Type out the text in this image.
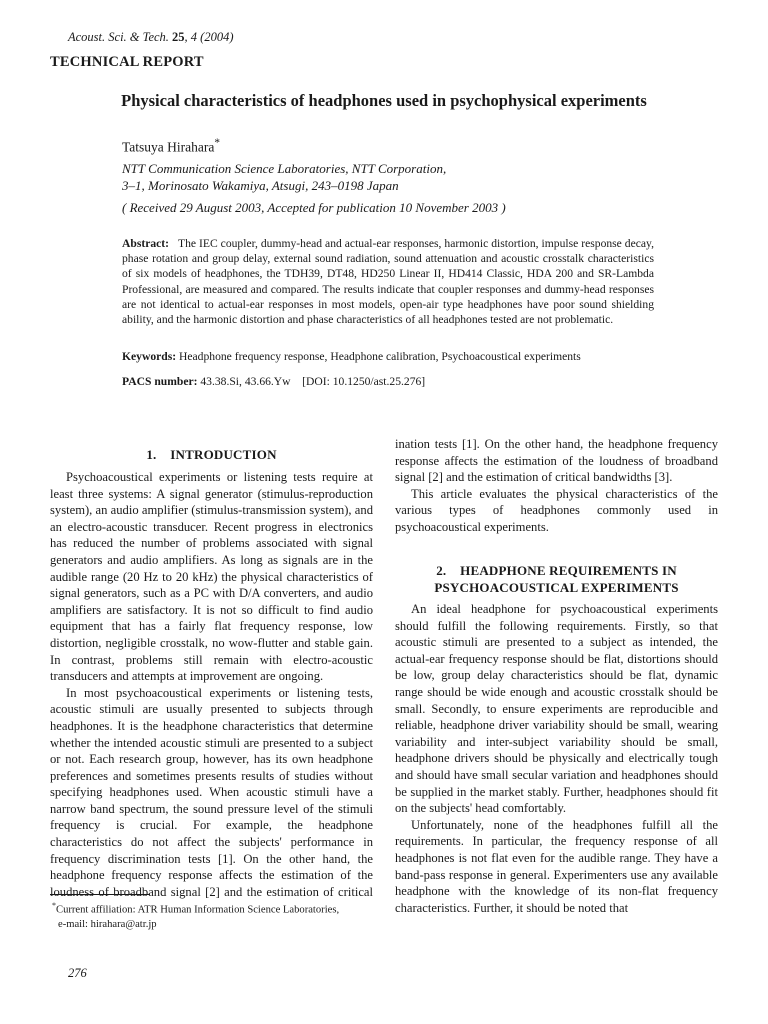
Acoust. Sci. & Tech. 25, 4 (2004)
TECHNICAL REPORT
Physical characteristics of headphones used in psychophysical experiments
Tatsuya Hirahara*
NTT Communication Science Laboratories, NTT Corporation,
3–1, Morinosato Wakamiya, Atsugi, 243–0198 Japan
( Received 29 August 2003, Accepted for publication 10 November 2003 )
Abstract: The IEC coupler, dummy-head and actual-ear responses, harmonic distortion, impulse response decay, phase rotation and group delay, external sound radiation, sound attenuation and acoustic crosstalk characteristics of six models of headphones, the TDH39, DT48, HD250 Linear II, HD414 Classic, HDA 200 and SR-Lambda Professional, are measured and compared. The results indicate that coupler responses and dummy-head responses are not identical to actual-ear responses in most models, open-air type headphones have poor sound shielding ability, and the harmonic distortion and phase characteristics of all headphones tested are not problematic.
Keywords: Headphone frequency response, Headphone calibration, Psychoacoustical experiments
PACS number: 43.38.Si, 43.66.Yw    [DOI: 10.1250/ast.25.276]
1.    INTRODUCTION

Psychoacoustical experiments or listening tests require at least three systems: A signal generator (stimulus-reproduction system), an audio amplifier (stimulus-transmission system), and an electro-acoustic transducer. Recent progress in electronics has reduced the number of problems associated with signal generators and audio amplifiers. As long as signals are in the audible range (20 Hz to 20 kHz) the physical characteristics of signal generators, such as a PC with D/A converters, and audio amplifiers are satisfactory. It is not so difficult to find audio equipment that has a fairly flat frequency response, low distortion, negligible crosstalk, no wow-flutter and stable gain. In contrast, problems still remain with electro-acoustic transducers and attempts at improvement are ongoing.

In most psychoacoustical experiments or listening tests, acoustic stimuli are usually presented to subjects through headphones. It is the headphone characteristics that determine whether the intended acoustic stimuli are presented to a subject or not. Each research group, however, has its own headphone preferences and sometimes presents results of studies without specifying headphones used. When acoustic stimuli have a narrow band spectrum, the sound pressure level of the stimuli frequency is crucial. For example, the headphone characteristics do not affect the subjects' performance in frequency discrimination tests [1]. On the other hand, the headphone frequency response affects the estimation of the loudness of broadband signal [2] and the estimation of critical

ination tests [1]. On the other hand, the headphone frequency response affects the estimation of the loudness of broadband signal [2] and the estimation of critical bandwidths [3].

This article evaluates the physical characteristics of the various types of headphones commonly used in psychoacoustical experiments.

2.    HEADPHONE REQUIREMENTS IN
PSYCHOACOUSTICAL EXPERIMENTS

An ideal headphone for psychoacoustical experiments should fulfill the following requirements. Firstly, so that acoustic stimuli are presented to a subject as intended, the actual-ear frequency response should be flat, distortions should be low, group delay characteristics should be flat, dynamic range should be wide enough and acoustic crosstalk should be small. Secondly, to ensure experiments are reproducible and reliable, headphone driver variability should be small, wearing variability and inter-subject variability should be small, headphone drivers should be physically and electrically tough and should have small secular variation and headphones should be supplied in the market stably. Further, headphones should fit on the subjects' head comfortably.

Unfortunately, none of the headphones fulfill all the requirements. In particular, the frequency response of all headphones is not flat even for the audible range. They have a band-pass response in general. Experimenters use any available headphone with the knowledge of its non-flat frequency characteristics. Further, it should be noted that

*Current affiliation: ATR Human Information Science Laboratories,
e-mail: hirahara@atr.jp
276
